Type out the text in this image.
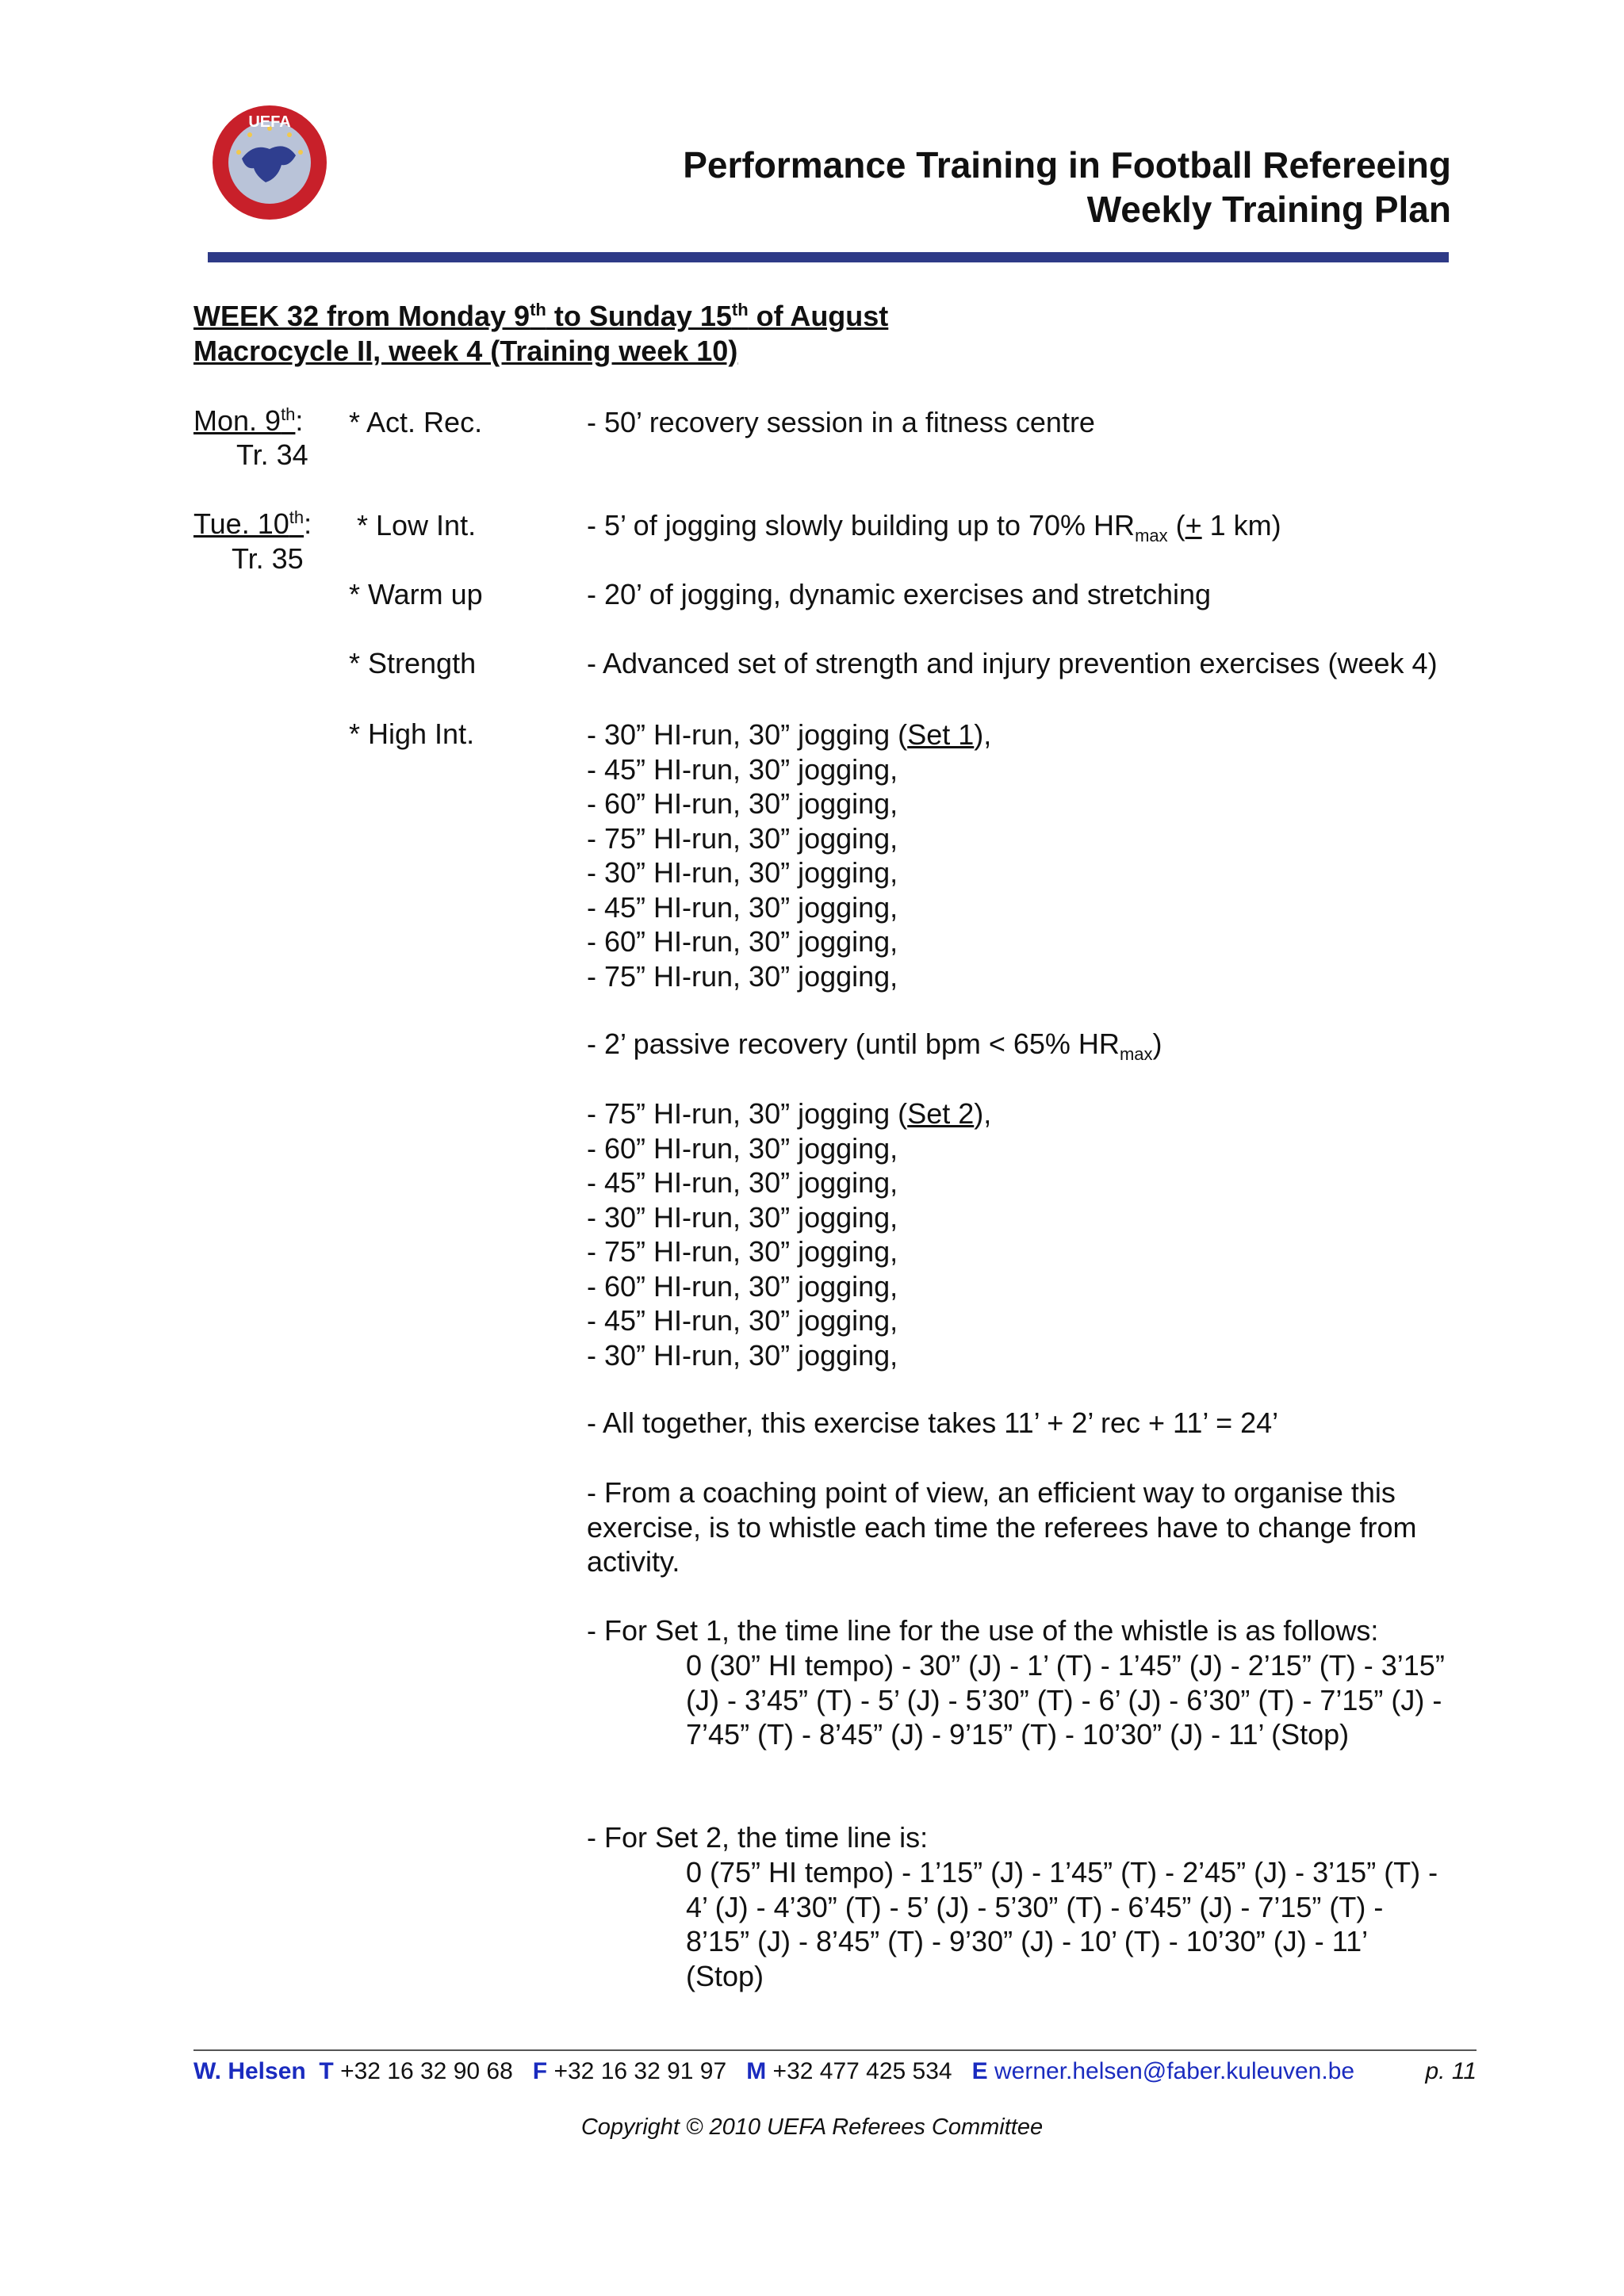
UEFA
Performance Training in Football Refereeing
Weekly Training Plan
WEEK 32 from Monday 9th to Sunday 15th of August
Macrocycle II, week 4 (Training week 10)
Mon. 9th:
Tr. 34
* Act. Rec.	- 50’ recovery session in a fitness centre
Tue. 10th:
Tr. 35
* Low Int.	- 5’ of jogging slowly building up to 70% $HR_{max}$ (+ 1 km)
* Warm up	- 20’ of jogging, dynamic exercises and stretching
* Strength	- Advanced set of strength and injury prevention exercises (week 4)
* High Int.	- 30” HI-run, 30” jogging (Set 1),
- 45” HI-run, 30” jogging,
- 60” HI-run, 30” jogging,
- 75” HI-run, 30” jogging,
- 30” HI-run, 30” jogging,
- 45” HI-run, 30” jogging,
- 60” HI-run, 30” jogging,
- 75” HI-run, 30” jogging,
- 2’ passive recovery (until bpm < 65% $HR_{max}$)
- 75” HI-run, 30” jogging (Set 2),
- 60” HI-run, 30” jogging,
- 45” HI-run, 30” jogging,
- 30” HI-run, 30” jogging,
- 75” HI-run, 30” jogging,
- 60” HI-run, 30” jogging,
- 45” HI-run, 30” jogging,
- 30” HI-run, 30” jogging,
- All together, this exercise takes 11’ + 2’ rec + 11’ = 24’
- From a coaching point of view, an efficient way to organise this exercise, is to whistle each time the referees have to change from activity.
- For Set 1, the time line for the use of the whistle is as follows:
0 (30” HI tempo) - 30” (J) - 1’ (T) - 1’45” (J) - 2’15” (T) - 3’15” (J) - 3’45” (T) - 5’ (J) - 5’30” (T) - 6’ (J) - 6’30” (T) - 7’15” (J) - 7’45” (T) - 8’45” (J) - 9’15” (T) - 10’30” (J) - 11’ (Stop)
- For Set 2, the time line is:
0 (75” HI tempo) - 1’15” (J) - 1’45” (T) - 2’45” (J) - 3’15” (T) - 4’ (J) - 4’30” (T) - 5’ (J) - 5’30” (T) - 6’45” (J) - 7’15” (T) - 8’15” (J) - 8’45” (T) - 9’30” (J) - 10’ (T) - 10’30” (J) - 11’ (Stop)
W. Helsen T +32 16 32 90 68 F +32 16 32 91 97 M +32 477 425 534 E werner.helsen@faber.kuleuven.be	p. 11
Copyright © 2010 UEFA Referees Committee
